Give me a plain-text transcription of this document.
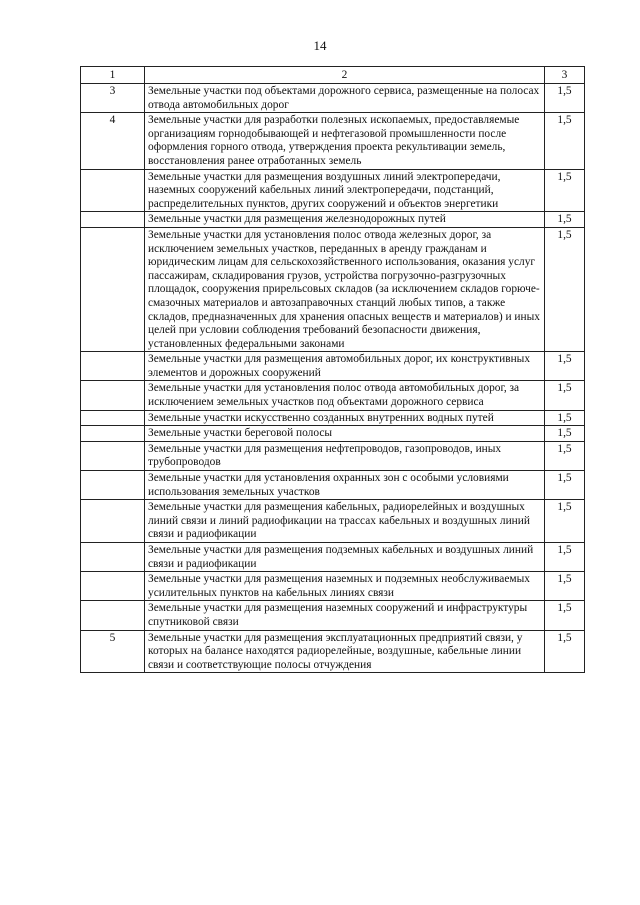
14
1	2	3
3	Земельные участки под объектами дорожного сервиса, размещенные на полосах отвода автомобильных дорог	1,5
4	Земельные участки для разработки полезных ископаемых, предоставляемые организациям горнодобывающей и нефтегазовой промышленности после оформления горного отвода, утверждения проекта рекультивации земель, восстановления ранее отработанных земель	1,5
	Земельные участки для размещения воздушных линий электропередачи, наземных сооружений кабельных линий электропередачи, подстанций, распределительных пунктов, других сооружений и объектов энергетики	1,5
	Земельные участки для размещения железнодорожных путей	1,5
	Земельные участки для установления полос отвода железных дорог, за исключением земельных участков, переданных в аренду гражданам и юридическим лицам для сельскохозяйственного использования, оказания услуг пассажирам, складирования грузов, устройства погрузочно-разгрузочных площадок, сооружения прирельсовых складов (за исключением складов горюче-смазочных материалов и автозаправочных станций любых типов, а также складов, предназначенных для хранения опасных веществ и материалов) и иных целей при условии соблюдения требований безопасности движения, установленных федеральными законами	1,5
	Земельные участки для размещения автомобильных дорог, их конструктивных элементов и дорожных сооружений	1,5
	Земельные участки для установления полос отвода автомобильных дорог, за исключением земельных участков под объектами дорожного сервиса	1,5
	Земельные участки искусственно созданных внутренних водных путей	1,5
	Земельные участки береговой полосы	1,5
	Земельные участки для размещения нефтепроводов, газопроводов, иных трубопроводов	1,5
	Земельные участки для установления охранных зон с особыми условиями использования земельных участков	1,5
	Земельные участки для размещения кабельных, радиорелейных и воздушных линий связи и линий радиофикации на трассах кабельных и воздушных линий связи и радиофикации	1,5
	Земельные участки для размещения подземных кабельных и воздушных линий связи и радиофикации	1,5
	Земельные участки для размещения наземных и подземных необслуживаемых усилительных пунктов на кабельных линиях связи	1,5
	Земельные участки для размещения наземных сооружений и инфраструктуры спутниковой связи	1,5
5	Земельные участки для размещения эксплуатационных предприятий связи, у которых на балансе находятся радиорелейные, воздушные, кабельные линии связи и соответствующие полосы отчуждения	1,5
